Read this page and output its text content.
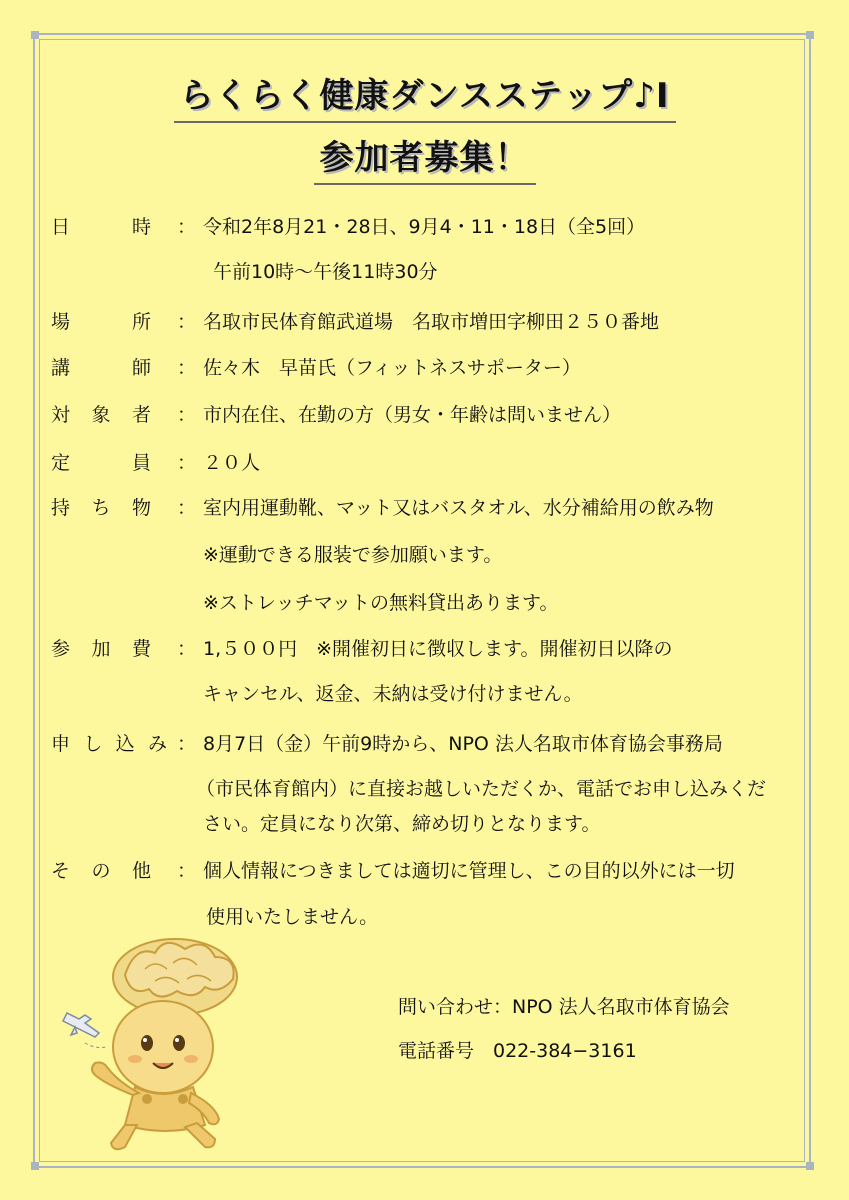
らくらく健康ダンスステップ♪Ⅰ
参加者募集！
日	時 ： 令和2年8月21・28日、9月4・11・18日（全5回）
午前10時〜午後11時30分
場	所 ： 名取市民体育館武道場　名取市増田字柳田２５０番地
講	師 ： 佐々木　早苗氏（フィットネスサポーター）
対 象 者 ： 市内在住、在勤の方（男女・年齢は問いません）
定	員 ： ２０人
持 ち 物 ： 室内用運動靴、マット又はバスタオル、水分補給用の飲み物
※運動できる服装で参加願います。
※ストレッチマットの無料貸出あります。
参 加 費 ： 1,５００円　※開催初日に徴収します。開催初日以降の
キャンセル、返金、未納は受け付けません。
申 し 込 み ： 8月7日（金）午前9時から、NPO 法人名取市体育協会事務局
（市民体育館内）に直接お越しいただくか、電話でお申し込みくだ
さい。定員になり次第、締め切りとなります。
そ の 他 ： 個人情報につきましては適切に管理し、この目的以外には一切
使用いたしません。
問い合わせ：NPO 法人名取市体育協会
電話番号　022-384−3161
